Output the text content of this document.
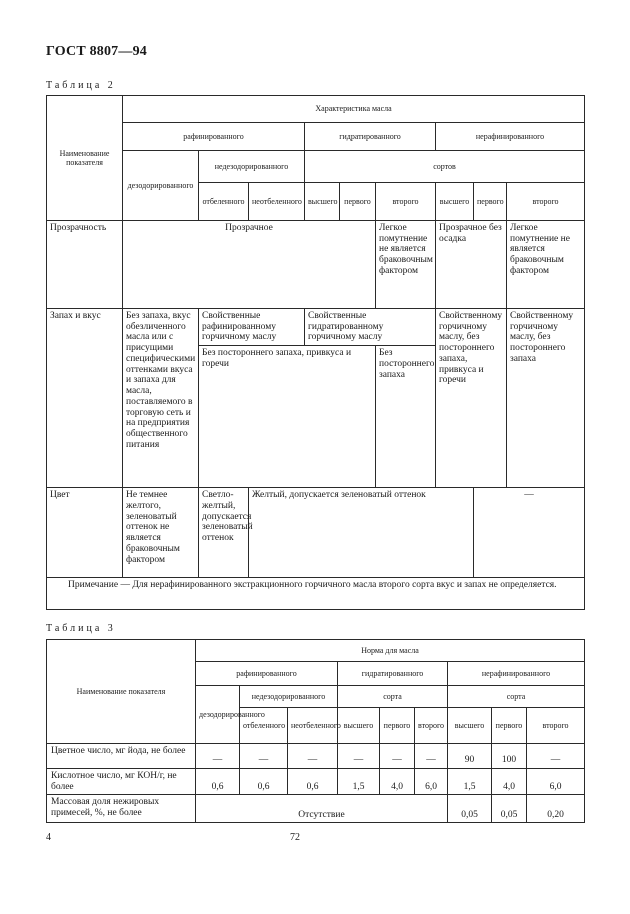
ГОСТ 8807—94
Таблица 2
Наименование показателя	Характеристика масла									
	рафинированного			гидратированного			нерафинированного			
	дезодорированного	недезодорированного		сортов						
		отбеленного	неотбеленного	высшего	первого	второго	высшего	первого	второго	
Прозрачность	Прозрачное					Легкое помутнение не является браковочным фактором	Прозрачное без осадка		Легкое помутнение не является браковочным фактором	
Запах и вкус	Без запаха, вкус обезличенного масла или с присущими специфическими оттенками вкуса и запаха для масла, поставляемого в торговую сеть и на предприятия общественного питания	Свойственные рафинированному горчичному маслу		Свойственные гидратированному горчичному маслу			Свойственному горчичному маслу, без постороннего запаха, привкуса и горечи		Свойственному горчичному маслу, без постороннего запаха	
		Без постороннего запаха, привкуса и горечи				Без постороннего запаха				
Цвет	Не темнее желтого, зеленоватый оттенок не является браковочным фактором	Светло-желтый, допускается зеленоватый оттенок	Желтый, допускается зеленоватый оттенок					—	
Примечание — Для нерафинированного экстракционного горчичного масла второго сорта вкус и запах не определяется.										
Таблица 3
Наименование показателя	Норма для масла								
	рафинированного			гидратированного			нерафинированного		
	дезодорированного	недезодорированного		сорта			сорта		
		отбеленного	неотбеленного	высшего	первого	второго	высшего	первого	второго
Цветное число, мг йода, не более	—	—	—	—	—	—	90	100	—
Кислотное число, мг КОН/г, не более	0,6	0,6	0,6	1,5	4,0	6,0	1,5	4,0	6,0
Массовая доля нежировых примесей, %, не более	Отсутствие						0,05	0,05	0,20
4	72
